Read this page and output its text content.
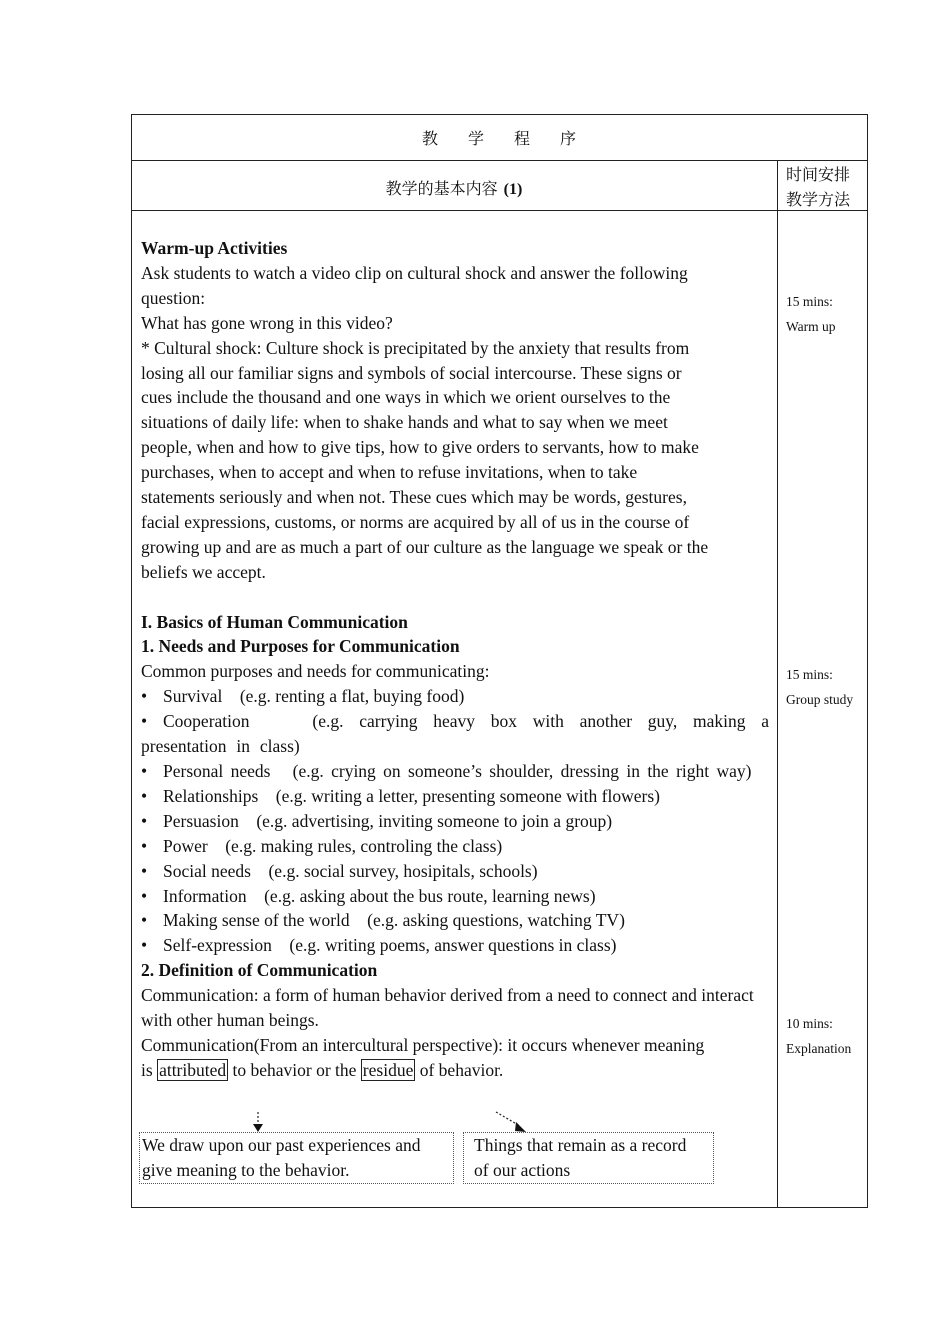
教 学 程 序
教学的基本内容 (1)
时间安排
教学方法

Warm-up Activities

Ask students to watch a video clip on cultural shock and answer the following

question:

What has gone wrong in this video?

* Cultural shock: Culture shock is precipitated by the anxiety that results from

losing all our familiar signs and symbols of social intercourse. These signs or

cues include the thousand and one ways in which we orient ourselves to the

situations of daily life: when to shake hands and what to say when we meet

people, when and how to give tips, how to give orders to servants, how to make

purchases, when to accept and when to refuse invitations, when to take

statements seriously and when not. These cues which may be words, gestures,

facial expressions, customs, or norms are acquired by all of us in the course of

growing up and are as much a part of our culture as the language we speak or the

beliefs we accept.

I. Basics of Human Communication

1. Needs and Purposes for Communication

Common purposes and needs for communicating:

• Survival (e.g. renting a flat, buying food)

• Cooperation	(e.g. carrying heavy box with another guy, making a presentation in class)

• Personal needs (e.g. crying on someone’s shoulder, dressing in the right way)

• Relationships (e.g. writing a letter, presenting someone with flowers)

• Persuasion (e.g. advertising, inviting someone to join a group)

• Power (e.g. making rules, controling the class)

• Social needs (e.g. social survey, hosipitals, schools)

• Information (e.g. asking about the bus route, learning news)

• Making sense of the world (e.g. asking questions, watching TV)

• Self-expression (e.g. writing poems, answer questions in class)

2. Definition of Communication

Communication: a form of human behavior derived from a need to connect and interact with other human beings.

Communication(From an intercultural perspective): it occurs whenever meaning

is attributed to behavior or the residue of behavior.

We draw upon our past experiences and
give meaning to the behavior.
Things that remain as a record
of our actions
15 mins:
Warm up
15 mins:
Group study
10 mins:
Explanation
